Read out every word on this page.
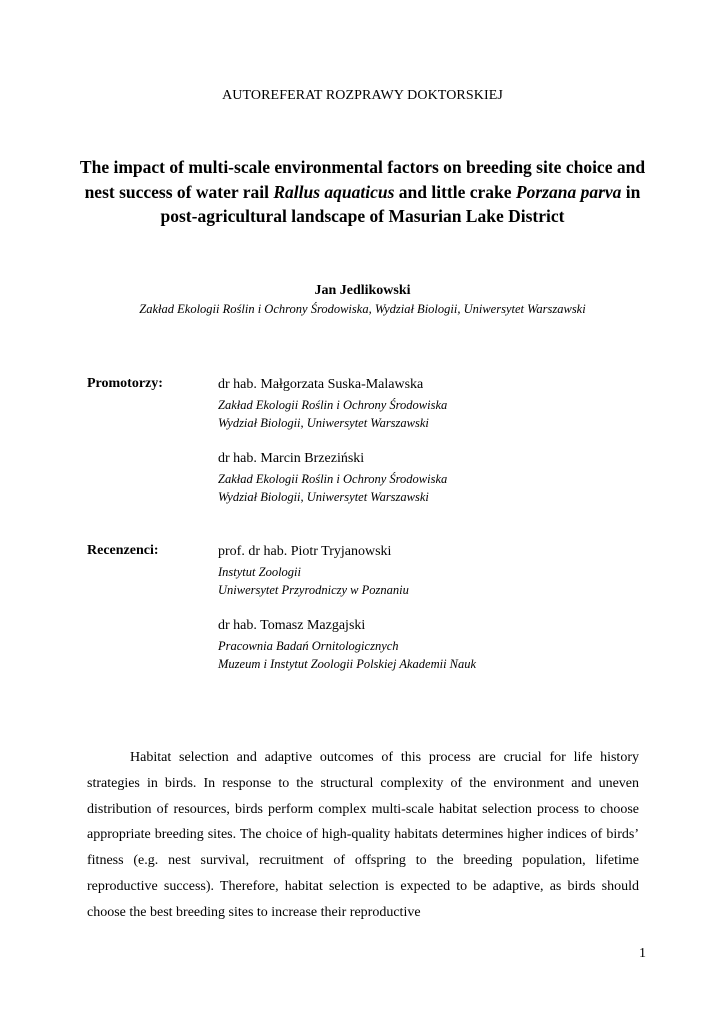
AUTOREFERAT ROZPRAWY DOKTORSKIEJ
The impact of multi-scale environmental factors on breeding site choice and
nest success of water rail Rallus aquaticus and little crake Porzana parva in
post-agricultural landscape of Masurian Lake District
Jan Jedlikowski
Zakład Ekologii Roślin i Ochrony Środowiska, Wydział Biologii, Uniwersytet Warszawski
Promotorzy:	dr hab. Małgorzata Suska-Malawska
Zakład Ekologii Roślin i Ochrony Środowiska
Wydział Biologii, Uniwersytet Warszawski
dr hab. Marcin Brzeziński
Zakład Ekologii Roślin i Ochrony Środowiska
Wydział Biologii, Uniwersytet Warszawski
Recenzenci:	prof. dr hab. Piotr Tryjanowski
Instytut Zoologii
Uniwersytet Przyrodniczy w Poznaniu
dr hab. Tomasz Mazgajski
Pracownia Badań Ornitologicznych
Muzeum i Instytut Zoologii Polskiej Akademii Nauk

Habitat selection and adaptive outcomes of this process are crucial for life history strategies in birds. In response to the structural complexity of the environment and uneven distribution of resources, birds perform complex multi-scale habitat selection process to choose appropriate breeding sites. The choice of high-quality habitats determines higher indices of birds’ fitness (e.g. nest survival, recruitment of offspring to the breeding population, lifetime reproductive success). Therefore, habitat selection is expected to be adaptive, as birds should choose the best breeding sites to increase their reproductive

1
